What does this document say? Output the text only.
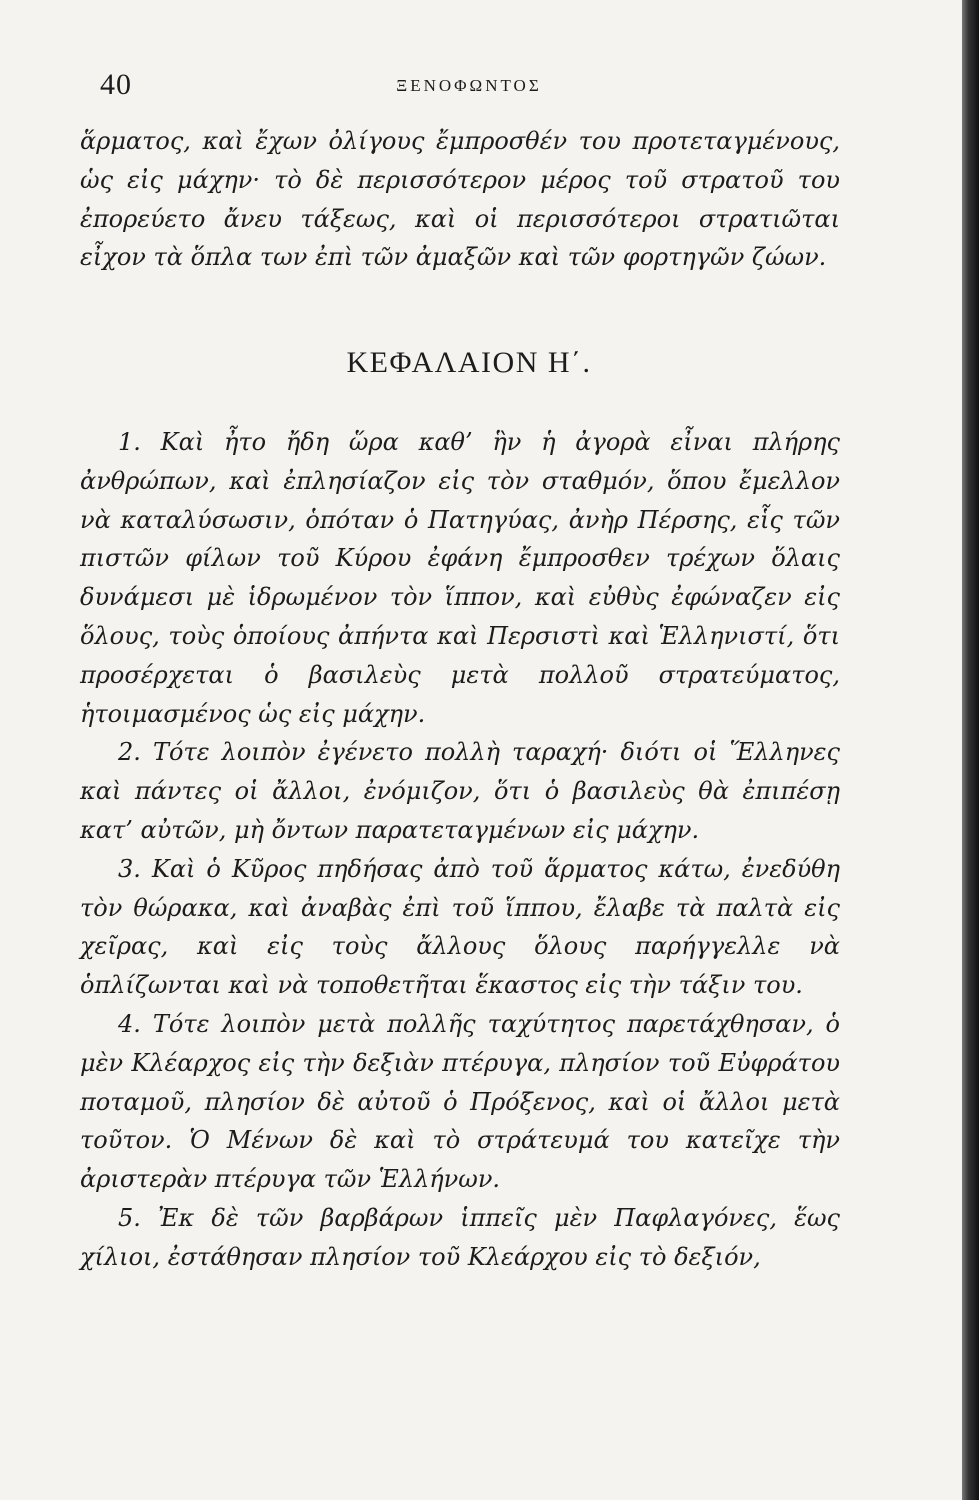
40	ΞΕΝΟΦΩΝΤΟΣ

ἅρματος, καὶ ἔχων ὀλίγους ἔμπροσθέν του προτεταγμένους, ὡς εἰς μάχην· τὸ δὲ περισσότερον μέρος τοῦ στρατοῦ του ἐπορεύετο ἄνευ τάξεως, καὶ οἱ περισσότεροι στρατιῶται εἶχον τὰ ὅπλα των ἐπὶ τῶν ἀμαξῶν καὶ τῶν φορτηγῶν ζώων.

ΚΕΦΑΛΑΙΟΝ Η΄.

1. Καὶ ἦτο ἤδη ὥρα καθ’ ἣν ἡ ἀγορὰ εἶναι πλήρης ἀνθρώπων, καὶ ἐπλησίαζον εἰς τὸν σταθμόν, ὅπου ἔμελλον νὰ καταλύσωσιν, ὁπόταν ὁ Πατηγύας, ἀνὴρ Πέρσης, εἷς τῶν πιστῶν φίλων τοῦ Κύρου ἐφάνη ἔμπροσθεν τρέχων ὅλαις δυνάμεσι μὲ ἱδρωμένον τὸν ἵππον, καὶ εὐθὺς ἐφώναζεν εἰς ὅλους, τοὺς ὁποίους ἀπήντα καὶ Περσιστὶ καὶ Ἑλληνιστί, ὅτι προσέρχεται ὁ βασιλεὺς μετὰ πολλοῦ στρατεύματος, ἡτοιμασμένος ὡς εἰς μάχην.

2. Τότε λοιπὸν ἐγένετο πολλὴ ταραχή· διότι οἱ Ἕλληνες καὶ πάντες οἱ ἄλλοι, ἐνόμιζον, ὅτι ὁ βασιλεὺς θὰ ἐπιπέσῃ κατ’ αὐτῶν, μὴ ὄντων παρατεταγμένων εἰς μάχην.

3. Καὶ ὁ Κῦρος πηδήσας ἀπὸ τοῦ ἅρματος κάτω, ἐνεδύθη τὸν θώρακα, καὶ ἀναβὰς ἐπὶ τοῦ ἵππου, ἔλαβε τὰ παλτὰ εἰς χεῖρας, καὶ εἰς τοὺς ἄλλους ὅλους παρήγγελλε νὰ ὁπλίζωνται καὶ νὰ τοποθετῆται ἕκαστος εἰς τὴν τάξιν του.

4. Τότε λοιπὸν μετὰ πολλῆς ταχύτητος παρετάχθησαν, ὁ μὲν Κλέαρχος εἰς τὴν δεξιὰν πτέρυγα, πλησίον τοῦ Εὐφράτου ποταμοῦ, πλησίον δὲ αὐτοῦ ὁ Πρόξενος, καὶ οἱ ἄλλοι μετὰ τοῦτον. Ὁ Μένων δὲ καὶ τὸ στράτευμά του κατεῖχε τὴν ἀριστερὰν πτέρυγα τῶν Ἑλλήνων.

5. Ἐκ δὲ τῶν βαρβάρων ἱππεῖς μὲν Παφλαγόνες, ἕως χίλιοι, ἐστάθησαν πλησίον τοῦ Κλεάρχου εἰς τὸ δεξιόν,
